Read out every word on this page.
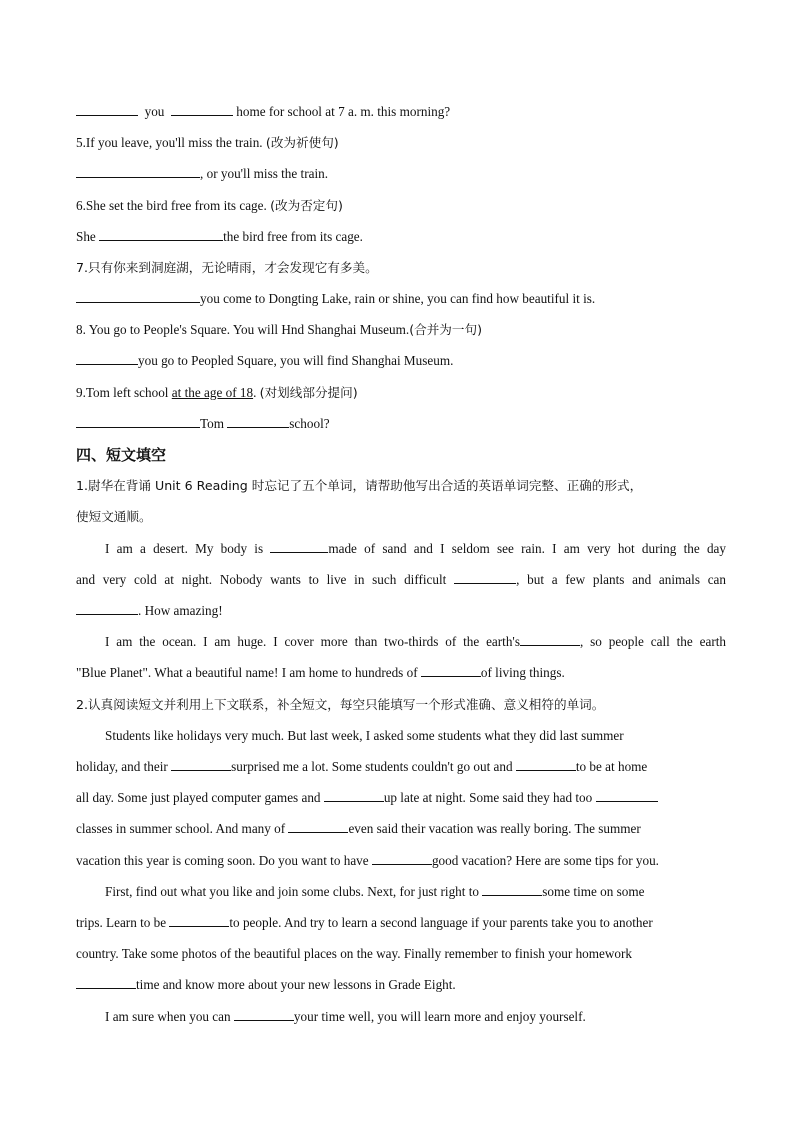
you	home for school at 7 a. m. this morning?
5.If you leave, you'll miss the train. (改为祈使句)
, or you'll miss the train.
6.She set the bird free from its cage. (改为否定句)
She	the bird free from its cage.
7.只有你来到洞庭湖，无论晴雨，才会发现它有多美。
you come to Dongting Lake, rain or shine, you can find how beautiful it is.
8. You go to People's Square. You will Hnd Shanghai Museum.(合并为一句)
you go to Peopled Square, you will find Shanghai Museum.
9.Tom left school at the age of 18. (对划线部分提问)
Tom	school?
四、短文填空
1.尉华在背诵 Unit 6 Reading 时忘记了五个单词，请帮助他写出合适的英语单词完整、正确的形式，
使短文通顺。
I am a desert. My body is	made of sand and I seldom see rain. I am very hot during the day
and very cold at night. Nobody wants to live in such difficult	, but a few plants and animals can
. How amazing!
I am the ocean. I am huge. I cover more than two-thirds of the earth's	, so people call the earth
"Blue Planet". What a beautiful name! I am home to hundreds of	of living things.
2.认真阅读短文并利用上下文联系，补全短文，每空只能填写一个形式准确、意义相符的单词。
Students like holidays very much. But last week, I asked some students what they did last summer
holiday, and their	surprised me a lot. Some students couldn't go out and	to be at home
all day. Some just played computer games and	up late at night. Some said they had too
classes in summer school. And many of	even said their vacation was really boring. The summer
vacation this year is coming soon. Do you want to have	good vacation? Here are some tips for you.
First, find out what you like and join some clubs. Next, for just right to	some time on some
trips. Learn to be	to people. And try to learn a second language if your parents take you to another
country. Take some photos of the beautiful places on the way. Finally remember to finish your homework
time and know more about your new lessons in Grade Eight.
I am sure when you can	your time well, you will learn more and enjoy yourself.
